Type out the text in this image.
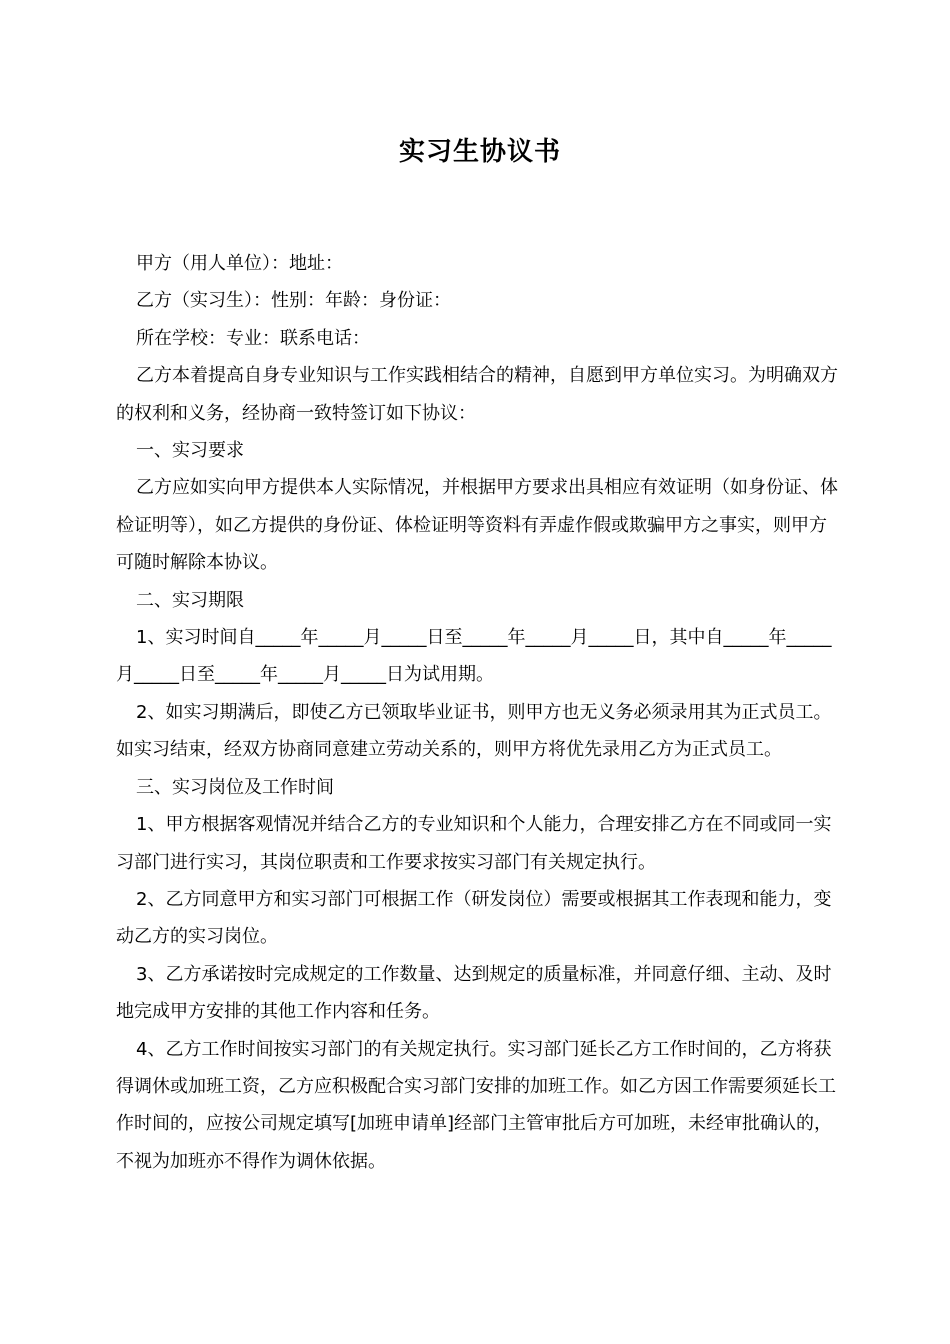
实习生协议书

甲方（用人单位）：地址：

乙方（实习生）：性别：年龄：身份证：

所在学校：专业：联系电话：

乙方本着提高自身专业知识与工作实践相结合的精神，自愿到甲方单位实习。为明确双方的权利和义务，经协商一致特签订如下协议：

一、实习要求

乙方应如实向甲方提供本人实际情况，并根据甲方要求出具相应有效证明（如身份证、体检证明等），如乙方提供的身份证、体检证明等资料有弄虚作假或欺骗甲方之事实，则甲方可随时解除本协议。

二、实习期限

1、实习时间自_____年_____月_____日至_____年_____月_____日，其中自_____年_____月_____日至_____年_____月_____日为试用期。

2、如实习期满后，即使乙方已领取毕业证书，则甲方也无义务必须录用其为正式员工。如实习结束，经双方协商同意建立劳动关系的，则甲方将优先录用乙方为正式员工。

三、实习岗位及工作时间

1、甲方根据客观情况并结合乙方的专业知识和个人能力，合理安排乙方在不同或同一实习部门进行实习，其岗位职责和工作要求按实习部门有关规定执行。

2、乙方同意甲方和实习部门可根据工作（研发岗位）需要或根据其工作表现和能力，变动乙方的实习岗位。

3、乙方承诺按时完成规定的工作数量、达到规定的质量标准，并同意仔细、主动、及时地完成甲方安排的其他工作内容和任务。

4、乙方工作时间按实习部门的有关规定执行。实习部门延长乙方工作时间的，乙方将获得调休或加班工资，乙方应积极配合实习部门安排的加班工作。如乙方因工作需要须延长工作时间的，应按公司规定填写[加班申请单]经部门主管审批后方可加班，未经审批确认的，不视为加班亦不得作为调休依据。
